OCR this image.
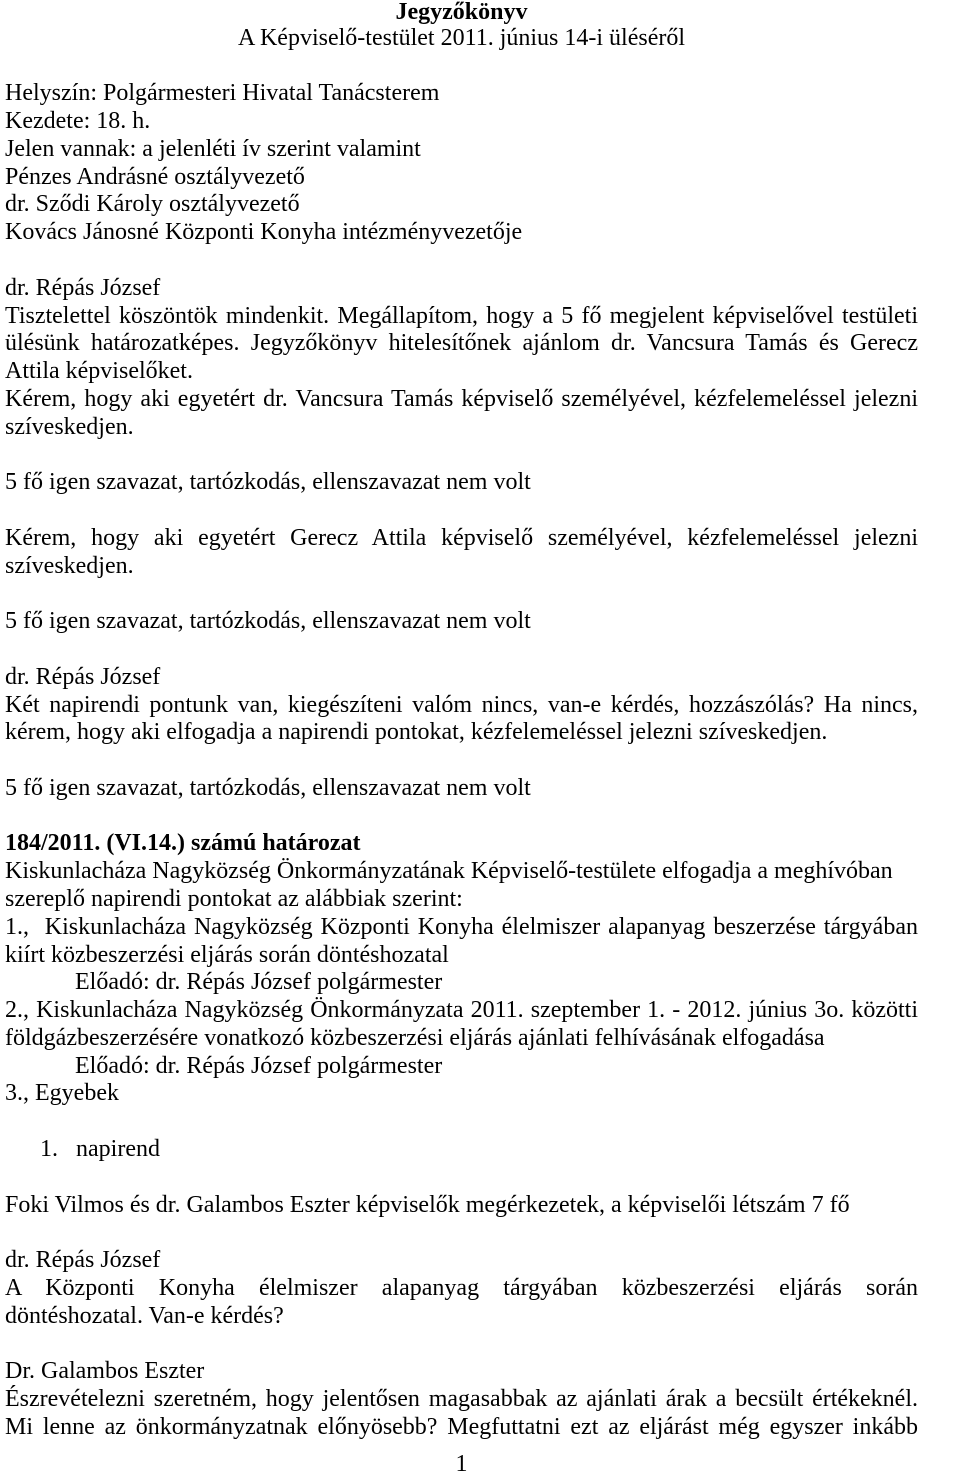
Jegyzőkönyv
A Képviselő-testület 2011. június 14-i üléséről
Helyszín: Polgármesteri Hivatal Tanácsterem
Kezdete: 18. h.
Jelen vannak: a jelenléti ív szerint valamint
Pénzes Andrásné osztályvezető
dr. Sződi Károly osztályvezető
Kovács Jánosné Központi Konyha intézményvezetője
dr. Répás József
Tisztelettel köszöntök mindenkit. Megállapítom, hogy a 5 fő megjelent képviselővel testületi
ülésünk határozatképes. Jegyzőkönyv hitelesítőnek ajánlom dr. Vancsura Tamás és Gerecz
Attila képviselőket.
Kérem, hogy aki egyetért dr. Vancsura Tamás képviselő személyével, kézfelemeléssel jelezni
szíveskedjen.
5 fő igen szavazat, tartózkodás, ellenszavazat nem volt
Kérem, hogy aki egyetért Gerecz Attila képviselő személyével, kézfelemeléssel jelezni
szíveskedjen.
5 fő igen szavazat, tartózkodás, ellenszavazat nem volt
dr. Répás József
Két napirendi pontunk van, kiegészíteni valóm nincs, van-e kérdés, hozzászólás? Ha nincs,
kérem, hogy aki elfogadja a napirendi pontokat, kézfelemeléssel jelezni szíveskedjen.
5 fő igen szavazat, tartózkodás, ellenszavazat nem volt
184/2011. (VI.14.) számú határozat
Kiskunlacháza Nagyközség Önkormányzatának Képviselő-testülete elfogadja a meghívóban
szereplő napirendi pontokat az alábbiak szerint:
1.,  Kiskunlacháza Nagyközség Központi Konyha élelmiszer alapanyag beszerzése tárgyában
kiírt közbeszerzési eljárás során döntéshozatal
Előadó: dr. Répás József polgármester
2., Kiskunlacháza Nagyközség Önkormányzata 2011. szeptember 1. - 2012. június 3o. közötti
földgázbeszerzésére vonatkozó közbeszerzési eljárás ajánlati felhívásának elfogadása
Előadó: dr. Répás József polgármester
3., Egyebek
1. napirend
Foki Vilmos és dr. Galambos Eszter képviselők megérkezetek, a képviselői létszám 7 fő
dr. Répás József
A Központi Konyha élelmiszer alapanyag tárgyában közbeszerzési eljárás során
döntéshozatal. Van-e kérdés?
Dr. Galambos Eszter
Észrevételezni szeretném, hogy jelentősen magasabbak az ajánlati árak a becsült értékeknél.
Mi lenne az önkormányzatnak előnyösebb? Megfuttatni ezt az eljárást még egyszer inkább
1
